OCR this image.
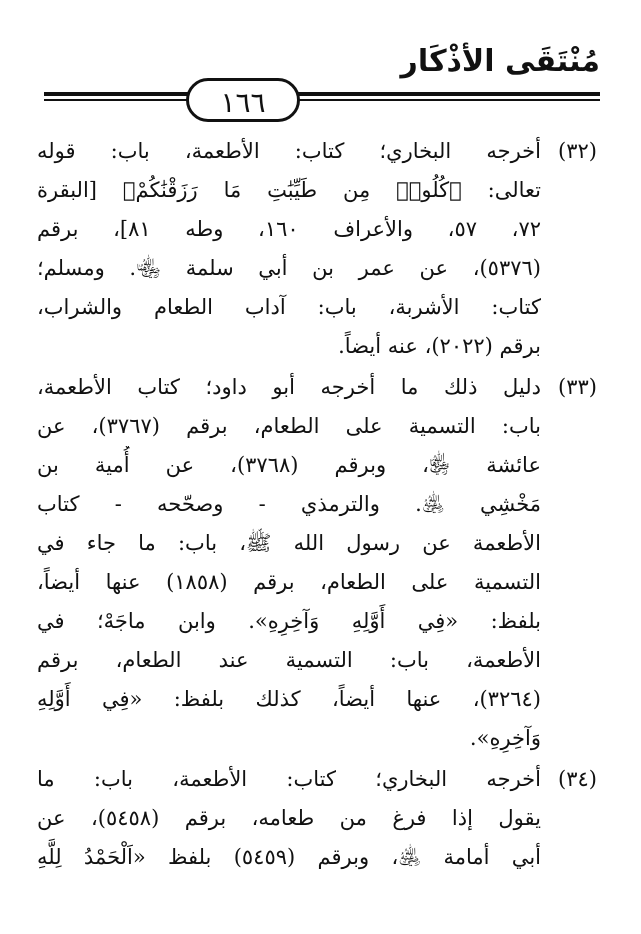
مُنْتَقَى الأذْكَار
١٦٦
(٣٢)
أخرجه البخاري؛ كتاب: الأطعمة، باب: قوله
تعالى: ﴿كُلُوا۟ مِن طَيِّبَٰتِ مَا رَزَقْنَٰكُمْ﴾ [البقرة
٧٢، ٥٧، والأعراف ١٦٠، وطه ٨١]، برقم
(٥٣٧٦)، عن عمر بن أبي سلمة ﵄. ومسلم؛
كتاب: الأشربة، باب: آداب الطعام والشراب،
برقم (٢٠٢٢)، عنه أيضاً.
(٣٣)
دليل ذلك ما أخرجه أبو داود؛ كتاب الأطعمة،
باب: التسمية على الطعام، برقم (٣٧٦٧)، عن
عائشة ﵂، وبرقم (٣٧٦٨)، عن أُمية بن
مَخْشِي ﵁. والترمذي - وصحّحه - كتاب
الأطعمة عن رسول الله ﷺ، باب: ما جاء في
التسمية على الطعام، برقم (١٨٥٨) عنها أيضاً،
بلفظ: «فِي أَوَّلِهِ وَآخِرِهِ». وابن ماجَهْ؛ في
الأطعمة، باب: التسمية عند الطعام، برقم
(٣٢٦٤)، عنها أيضاً، كذلك بلفظ: «فِي أَوَّلِهِ
وَآخِرِهِ».
(٣٤)
أخرجه البخاري؛ كتاب: الأطعمة، باب: ما
يقول إذا فرغ من طعامه، برقم (٥٤٥٨)، عن
أبي أمامة ﵁، وبرقم (٥٤٥٩) بلفظ «اَلْحَمْدُ لِلَّهِ
